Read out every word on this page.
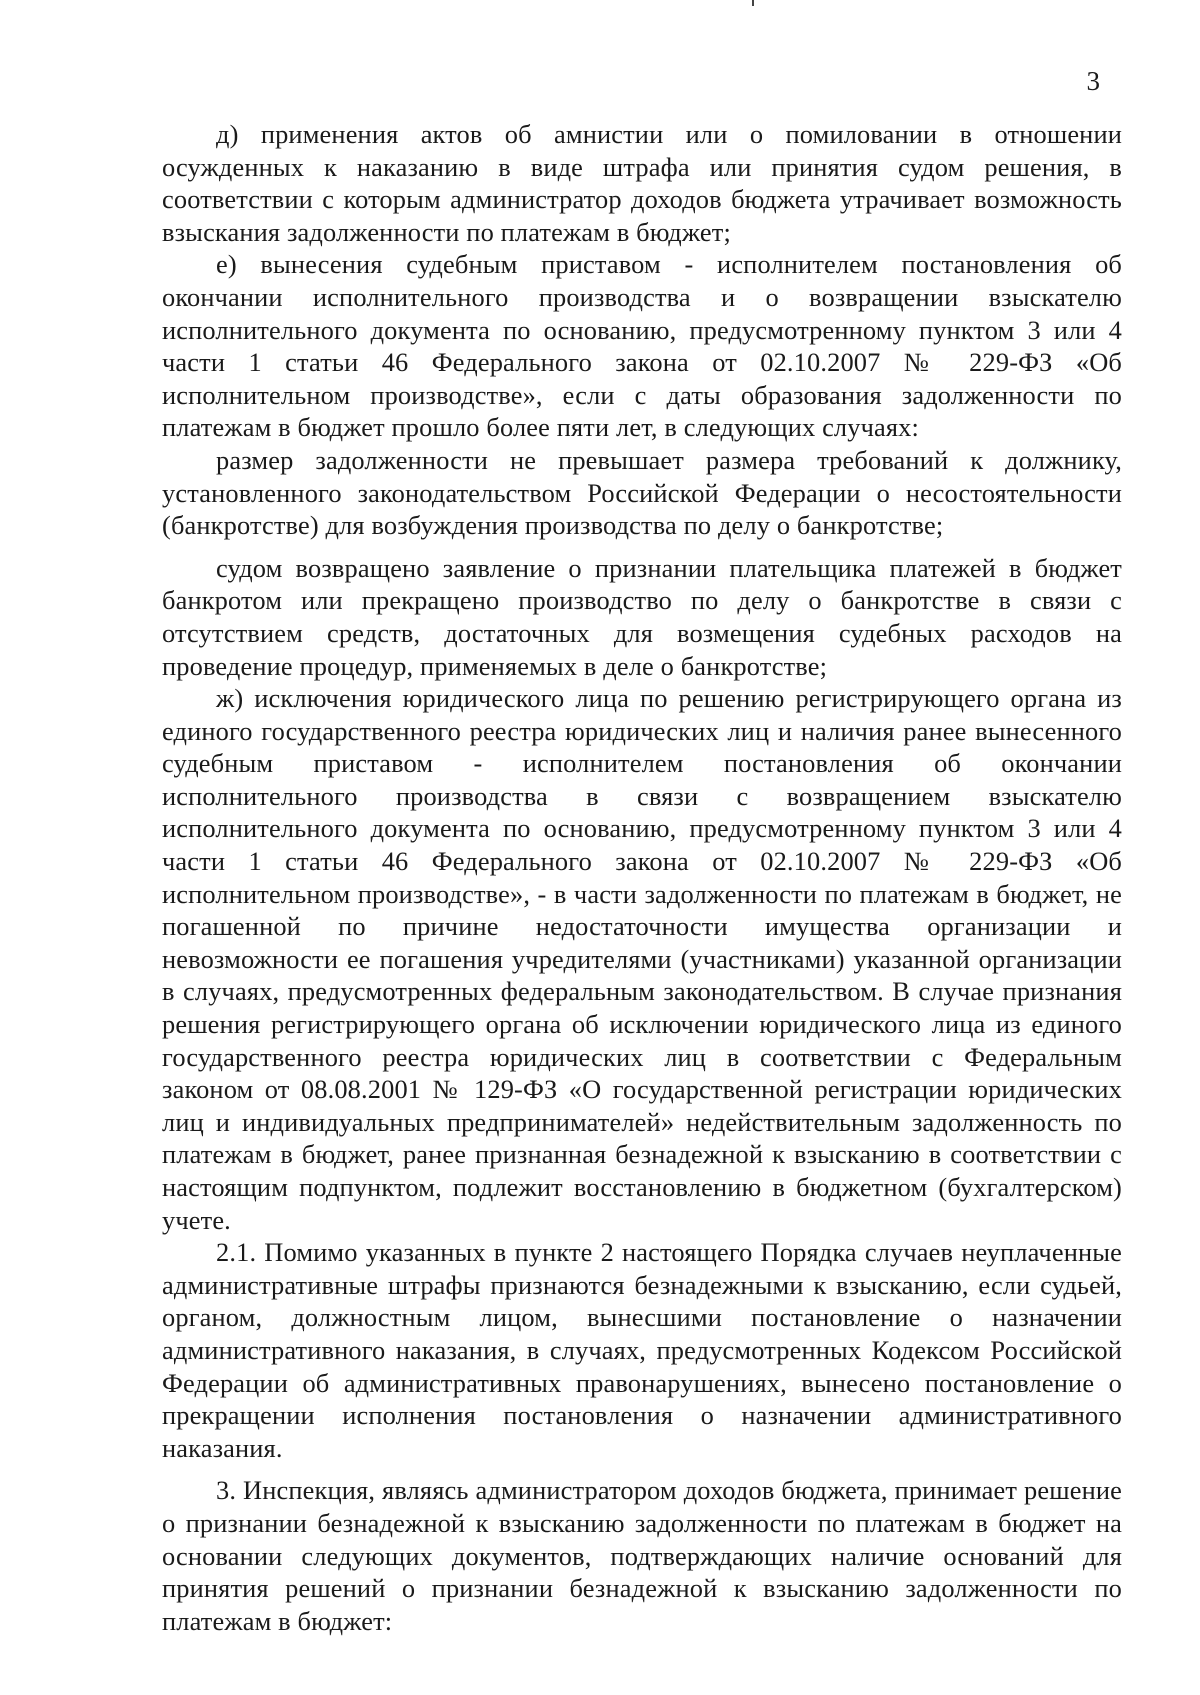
3

д) применения актов об амнистии или о помиловании в отношении осужденных к наказанию в виде штрафа или принятия судом решения, в соответствии с которым администратор доходов бюджета утрачивает возможность взыскания задолженности по платежам в бюджет;

е) вынесения судебным приставом - исполнителем постановления об окончании исполнительного производства и о возвращении взыскателю исполнительного документа по основанию, предусмотренному пунктом 3 или 4 части 1 статьи 46 Федерального закона от 02.10.2007 № 229-ФЗ «Об исполнительном производстве», если с даты образования задолженности по платежам в бюджет прошло более пяти лет, в следующих случаях:

размер задолженности не превышает размера требований к должнику, установленного законодательством Российской Федерации о несостоятельности (банкротстве) для возбуждения производства по делу о банкротстве;

судом возвращено заявление о признании плательщика платежей в бюджет банкротом или прекращено производство по делу о банкротстве в связи с отсутствием средств, достаточных для возмещения судебных расходов на проведение процедур, применяемых в деле о банкротстве;

ж) исключения юридического лица по решению регистрирующего органа из единого государственного реестра юридических лиц и наличия ранее вынесенного судебным приставом - исполнителем постановления об окончании исполнительного производства в связи с возвращением взыскателю исполнительного документа по основанию, предусмотренному пунктом 3 или 4 части 1 статьи 46 Федерального закона от 02.10.2007 № 229-ФЗ «Об исполнительном производстве», - в части задолженности по платежам в бюджет, не погашенной по причине недостаточности имущества организации и невозможности ее погашения учредителями (участниками) указанной организации в случаях, предусмотренных федеральным законодательством. В случае признания решения регистрирующего органа об исключении юридического лица из единого государственного реестра юридических лиц в соответствии с Федеральным законом от 08.08.2001 № 129-ФЗ «О государственной регистрации юридических лиц и индивидуальных предпринимателей» недействительным задолженность по платежам в бюджет, ранее признанная безнадежной к взысканию в соответствии с настоящим подпунктом, подлежит восстановлению в бюджетном (бухгалтерском) учете.

2.1. Помимо указанных в пункте 2 настоящего Порядка случаев неуплаченные административные штрафы признаются безнадежными к взысканию, если судьей, органом, должностным лицом, вынесшими постановление о назначении административного наказания, в случаях, предусмотренных Кодексом Российской Федерации об административных правонарушениях, вынесено постановление о прекращении исполнения постановления о назначении административного наказания.

3. Инспекция, являясь администратором доходов бюджета, принимает решение о признании безнадежной к взысканию задолженности по платежам в бюджет на основании следующих документов, подтверждающих наличие оснований для принятия решений о признании безнадежной к взысканию задолженности по платежам в бюджет:
